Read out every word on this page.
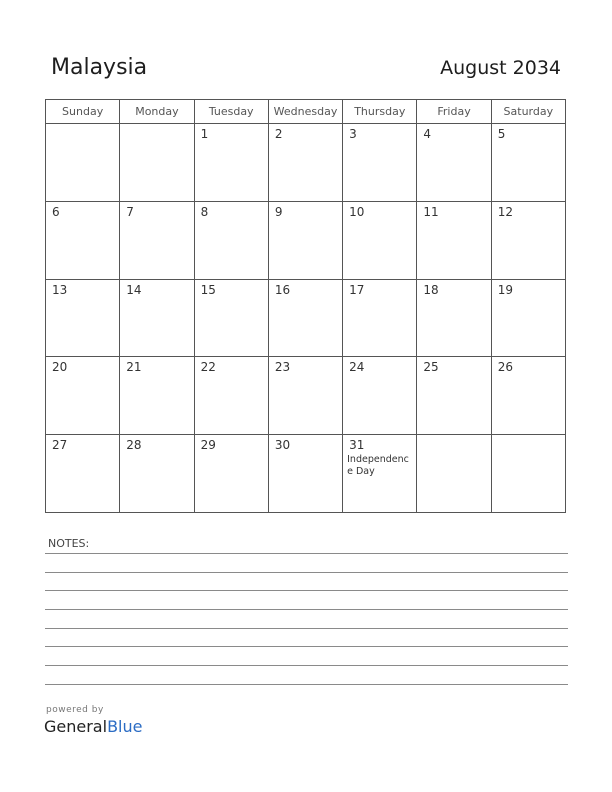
Malaysia	August 2034
Sunday	Monday	Tuesday	Wednesday	Thursday	Friday	Saturday

		1	2	3	4	5

6	7	8	9	10	11	12

13	14	15	16	17	18	19

20	21	22	23	24	25	26

27	28	29	30	31
Independence Day		

NOTES:
powered by
GeneralBlue
